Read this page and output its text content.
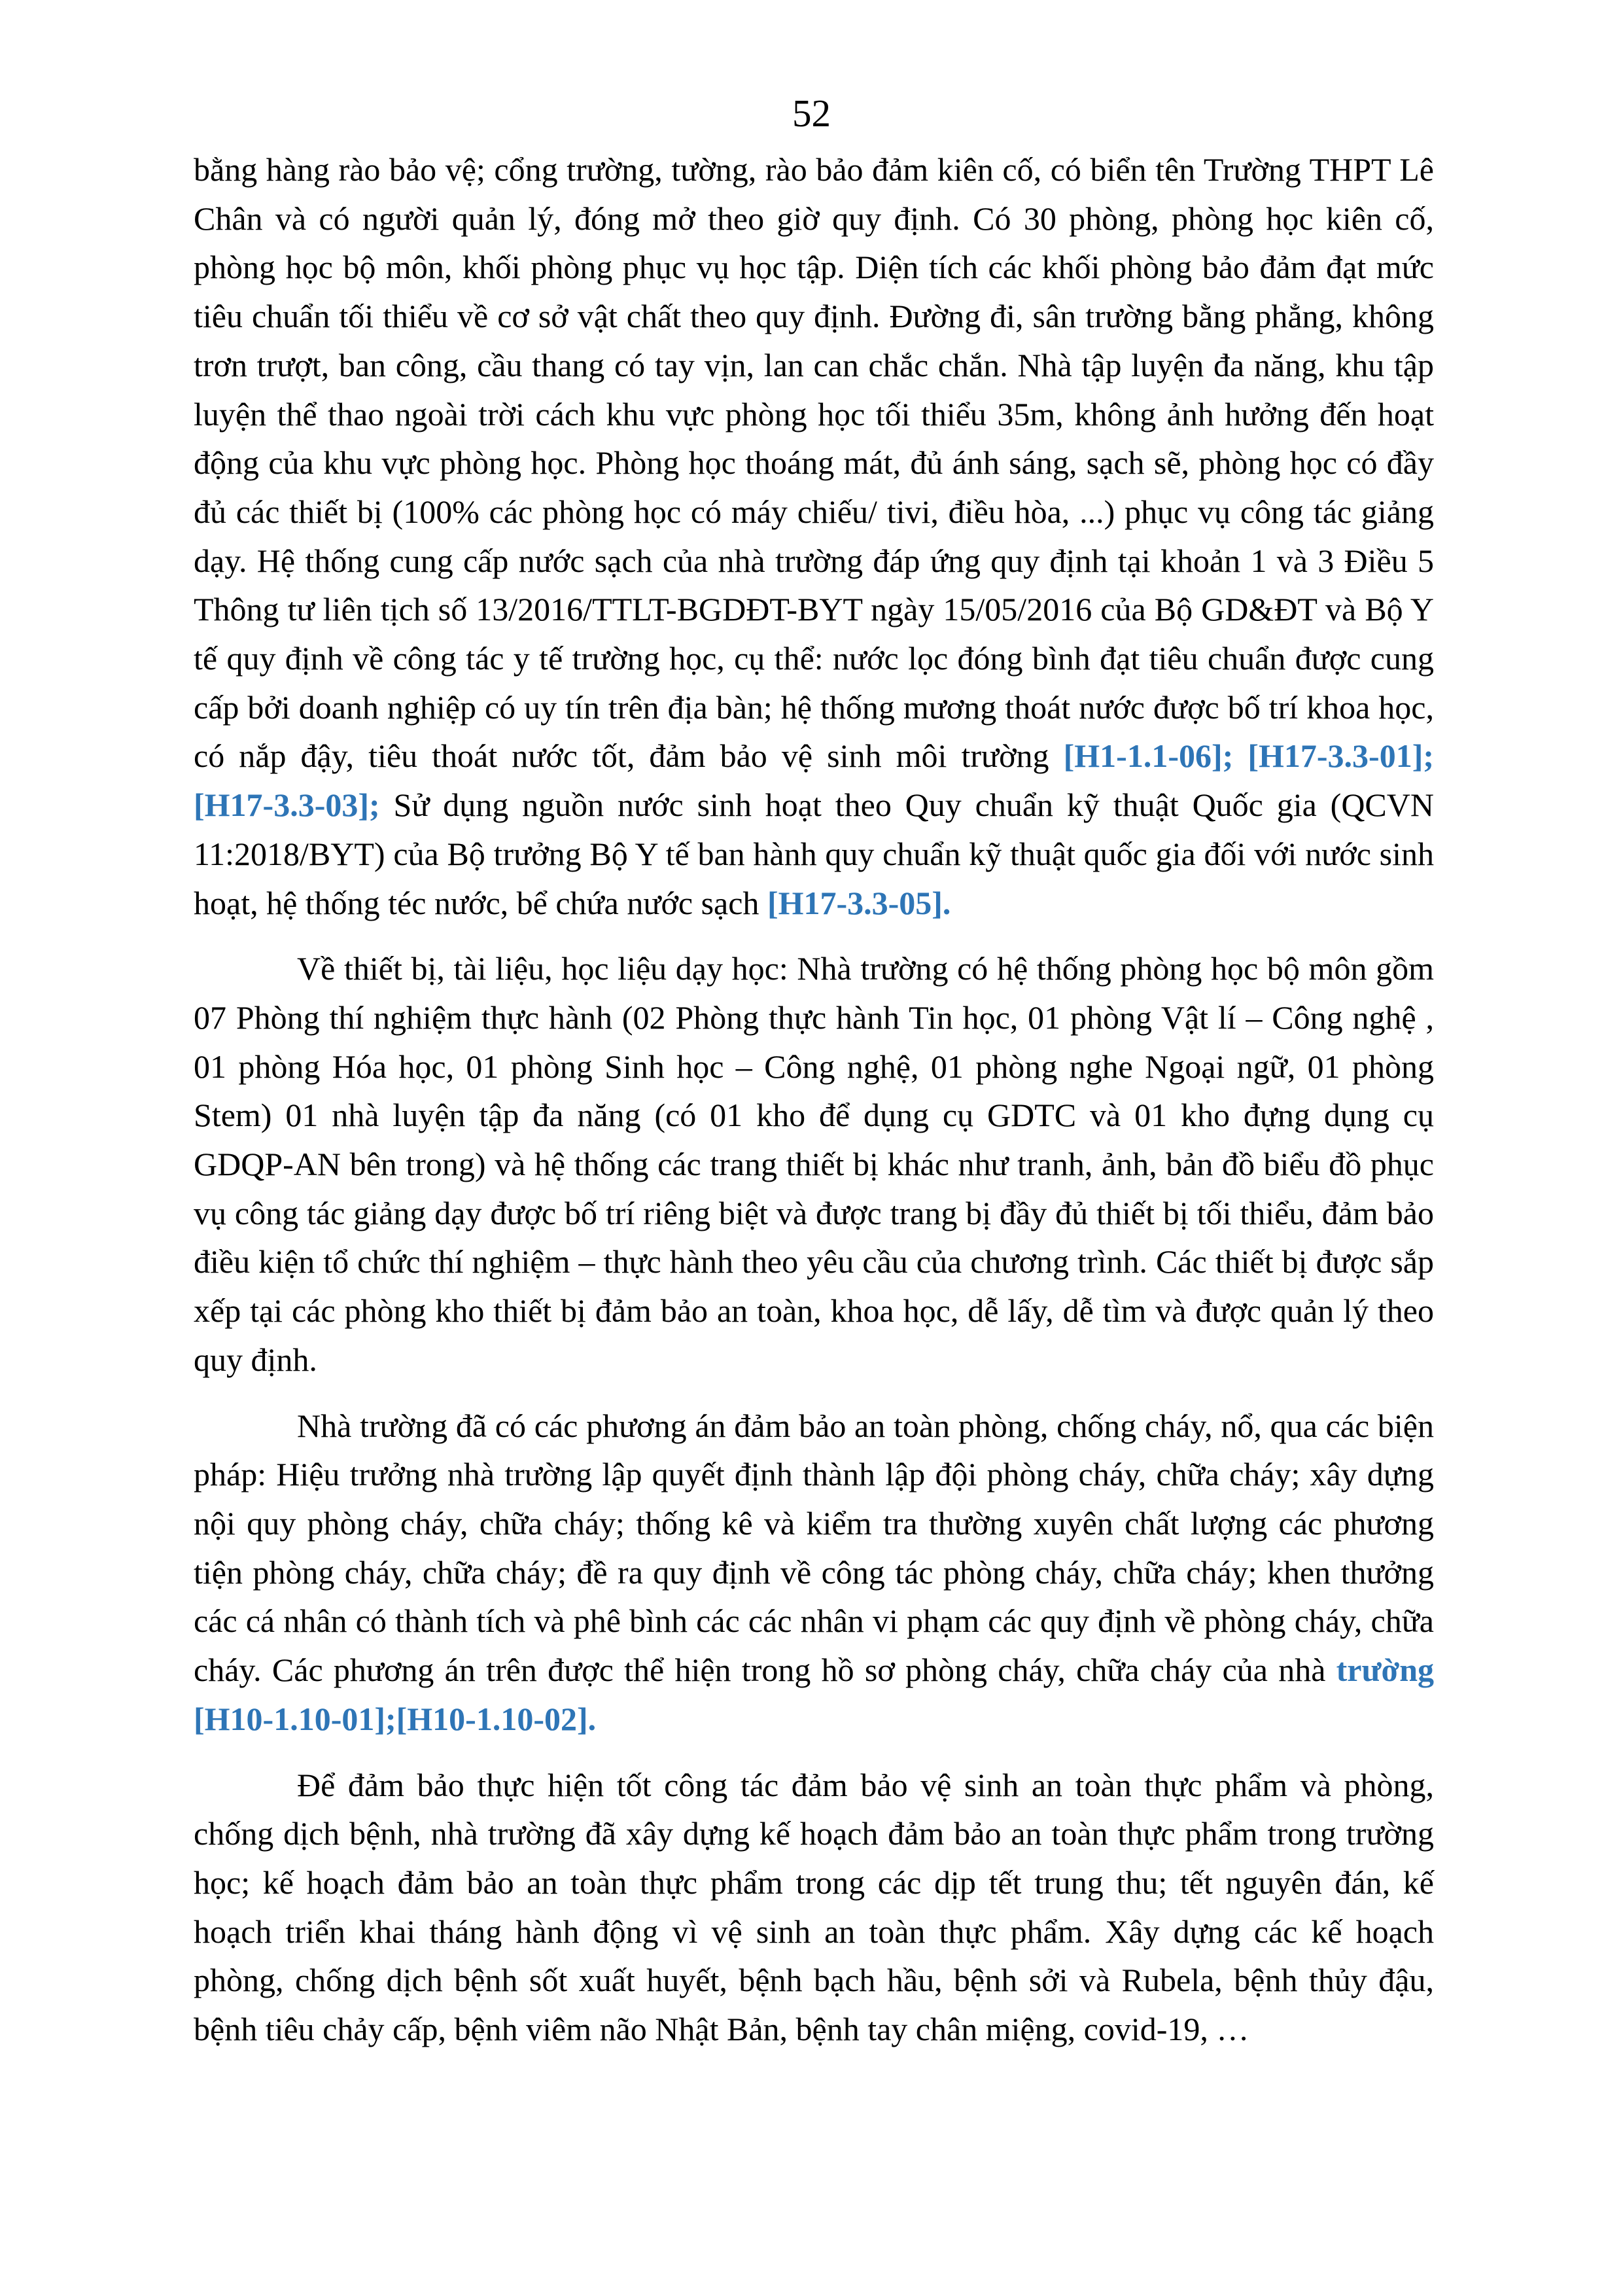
52

bằng hàng rào bảo vệ; cổng trường, tường, rào bảo đảm kiên cố, có biển tên Trường THPT Lê Chân và có người quản lý, đóng mở theo giờ quy định. Có 30 phòng, phòng học kiên cố, phòng học bộ môn, khối phòng phục vụ học tập. Diện tích các khối phòng bảo đảm đạt mức tiêu chuẩn tối thiểu về cơ sở vật chất theo quy định. Đường đi, sân trường bằng phẳng, không trơn trượt, ban công, cầu thang có tay vịn, lan can chắc chắn. Nhà tập luyện đa năng, khu tập luyện thể thao ngoài trời cách khu vực phòng học tối thiểu 35m, không ảnh hưởng đến hoạt động của khu vực phòng học. Phòng học thoáng mát, đủ ánh sáng, sạch sẽ, phòng học có đầy đủ các thiết bị (100% các phòng học có máy chiếu/ tivi, điều hòa, ...) phục vụ công tác giảng dạy. Hệ thống cung cấp nước sạch của nhà trường đáp ứng quy định tại khoản 1 và 3 Điều 5 Thông tư liên tịch số 13/2016/TTLT-BGDĐT-BYT ngày 15/05/2016 của Bộ GD&ĐT và Bộ Y tế quy định về công tác y tế trường học, cụ thể: nước lọc đóng bình đạt tiêu chuẩn được cung cấp bởi doanh nghiệp có uy tín trên địa bàn; hệ thống mương thoát nước được bố trí khoa học, có nắp đậy, tiêu thoát nước tốt, đảm bảo vệ sinh môi trường [H1-1.1-06]; [H17-3.3-01]; [H17-3.3-03]; Sử dụng nguồn nước sinh hoạt theo Quy chuẩn kỹ thuật Quốc gia (QCVN 11:2018/BYT) của Bộ trưởng Bộ Y tế ban hành quy chuẩn kỹ thuật quốc gia đối với nước sinh hoạt, hệ thống téc nước, bể chứa nước sạch [H17-3.3-05].

Về thiết bị, tài liệu, học liệu dạy học: Nhà trường có hệ thống phòng học bộ môn gồm 07 Phòng thí nghiệm thực hành (02 Phòng thực hành Tin học, 01 phòng Vật lí – Công nghệ , 01 phòng Hóa học, 01 phòng Sinh học – Công nghệ, 01 phòng nghe Ngoại ngữ, 01 phòng Stem) 01 nhà luyện tập đa năng (có 01 kho để dụng cụ GDTC và 01 kho đựng dụng cụ GDQP-AN bên trong) và hệ thống các trang thiết bị khác như tranh, ảnh, bản đồ biểu đồ phục vụ công tác giảng dạy được bố trí riêng biệt và được trang bị đầy đủ thiết bị tối thiểu, đảm bảo điều kiện tổ chức thí nghiệm – thực hành theo yêu cầu của chương trình. Các thiết bị được sắp xếp tại các phòng kho thiết bị đảm bảo an toàn, khoa học, dễ lấy, dễ tìm và được quản lý theo quy định.

Nhà trường đã có các phương án đảm bảo an toàn phòng, chống cháy, nổ, qua các biện pháp: Hiệu trưởng nhà trường lập quyết định thành lập đội phòng cháy, chữa cháy; xây dựng nội quy phòng cháy, chữa cháy; thống kê và kiểm tra thường xuyên chất lượng các phương tiện phòng cháy, chữa cháy; đề ra quy định về công tác phòng cháy, chữa cháy; khen thưởng các cá nhân có thành tích và phê bình các các nhân vi phạm các quy định về phòng cháy, chữa cháy. Các phương án trên được thể hiện trong hồ sơ phòng cháy, chữa cháy của nhà trường [H10-1.10-01];[H10-1.10-02].

Để đảm bảo thực hiện tốt công tác đảm bảo vệ sinh an toàn thực phẩm và phòng, chống dịch bệnh, nhà trường đã xây dựng kế hoạch đảm bảo an toàn thực phẩm trong trường học; kế hoạch đảm bảo an toàn thực phẩm trong các dịp tết trung thu; tết nguyên đán, kế hoạch triển khai tháng hành động vì vệ sinh an toàn thực phẩm. Xây dựng các kế hoạch phòng, chống dịch bệnh sốt xuất huyết, bệnh bạch hầu, bệnh sởi và Rubela, bệnh thủy đậu, bệnh tiêu chảy cấp, bệnh viêm não Nhật Bản, bệnh tay chân miệng, covid-19, …
